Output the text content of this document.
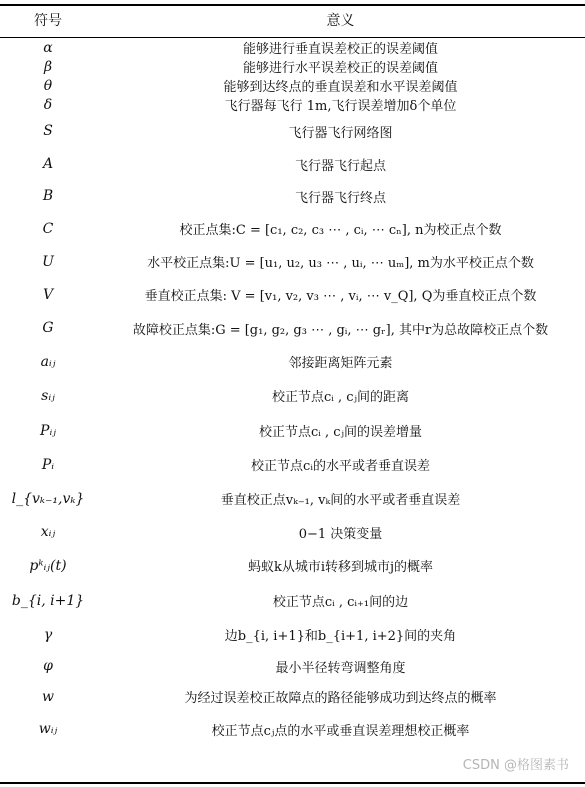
符号	意义
α	能够进行垂直误差校正的误差阈值
β	能够进行水平误差校正的误差阈值
θ	能够到达终点的垂直误差和水平误差阈值
δ	飞行器每飞行 1m,飞行误差增加δ个单位
S	飞行器飞行网络图
A	飞行器飞行起点
B	飞行器飞行终点
C	校正点集:C = [c₁, c₂, c₃ ⋯ , cᵢ, ⋯ cₙ], n为校正点个数
U	水平校正点集:U = [u₁, u₂, u₃ ⋯ , uᵢ, ⋯ uₘ], m为水平校正点个数
V	垂直校正点集: V = [v₁, v₂, v₃ ⋯ , vᵢ, ⋯ v_Q], Q为垂直校正点个数
G	故障校正点集:G = [g₁, g₂, g₃ ⋯ , gᵢ, ⋯ gᵣ], 其中r为总故障校正点个数
aᵢⱼ	邻接距离矩阵元素
sᵢⱼ	校正节点cᵢ , cⱼ间的距离
Pᵢⱼ	校正节点cᵢ , cⱼ间的误差增量
Pᵢ	校正节点cᵢ的水平或者垂直误差
l_{vₖ₋₁,vₖ}	垂直校正点vₖ₋₁, vₖ间的水平或者垂直误差
xᵢⱼ	0−1 决策变量
pᵏᵢⱼ(t)	蚂蚁k从城市i转移到城市j的概率
b_{i, i+1}	校正节点cᵢ , cᵢ₊₁间的边
γ	边b_{i, i+1}和b_{i+1, i+2}间的夹角
φ	最小半径转弯调整角度
w	为经过误差校正故障点的路径能够成功到达终点的概率
wᵢⱼ	校正节点cⱼ点的水平或垂直误差理想校正概率
CSDN @格图素书
